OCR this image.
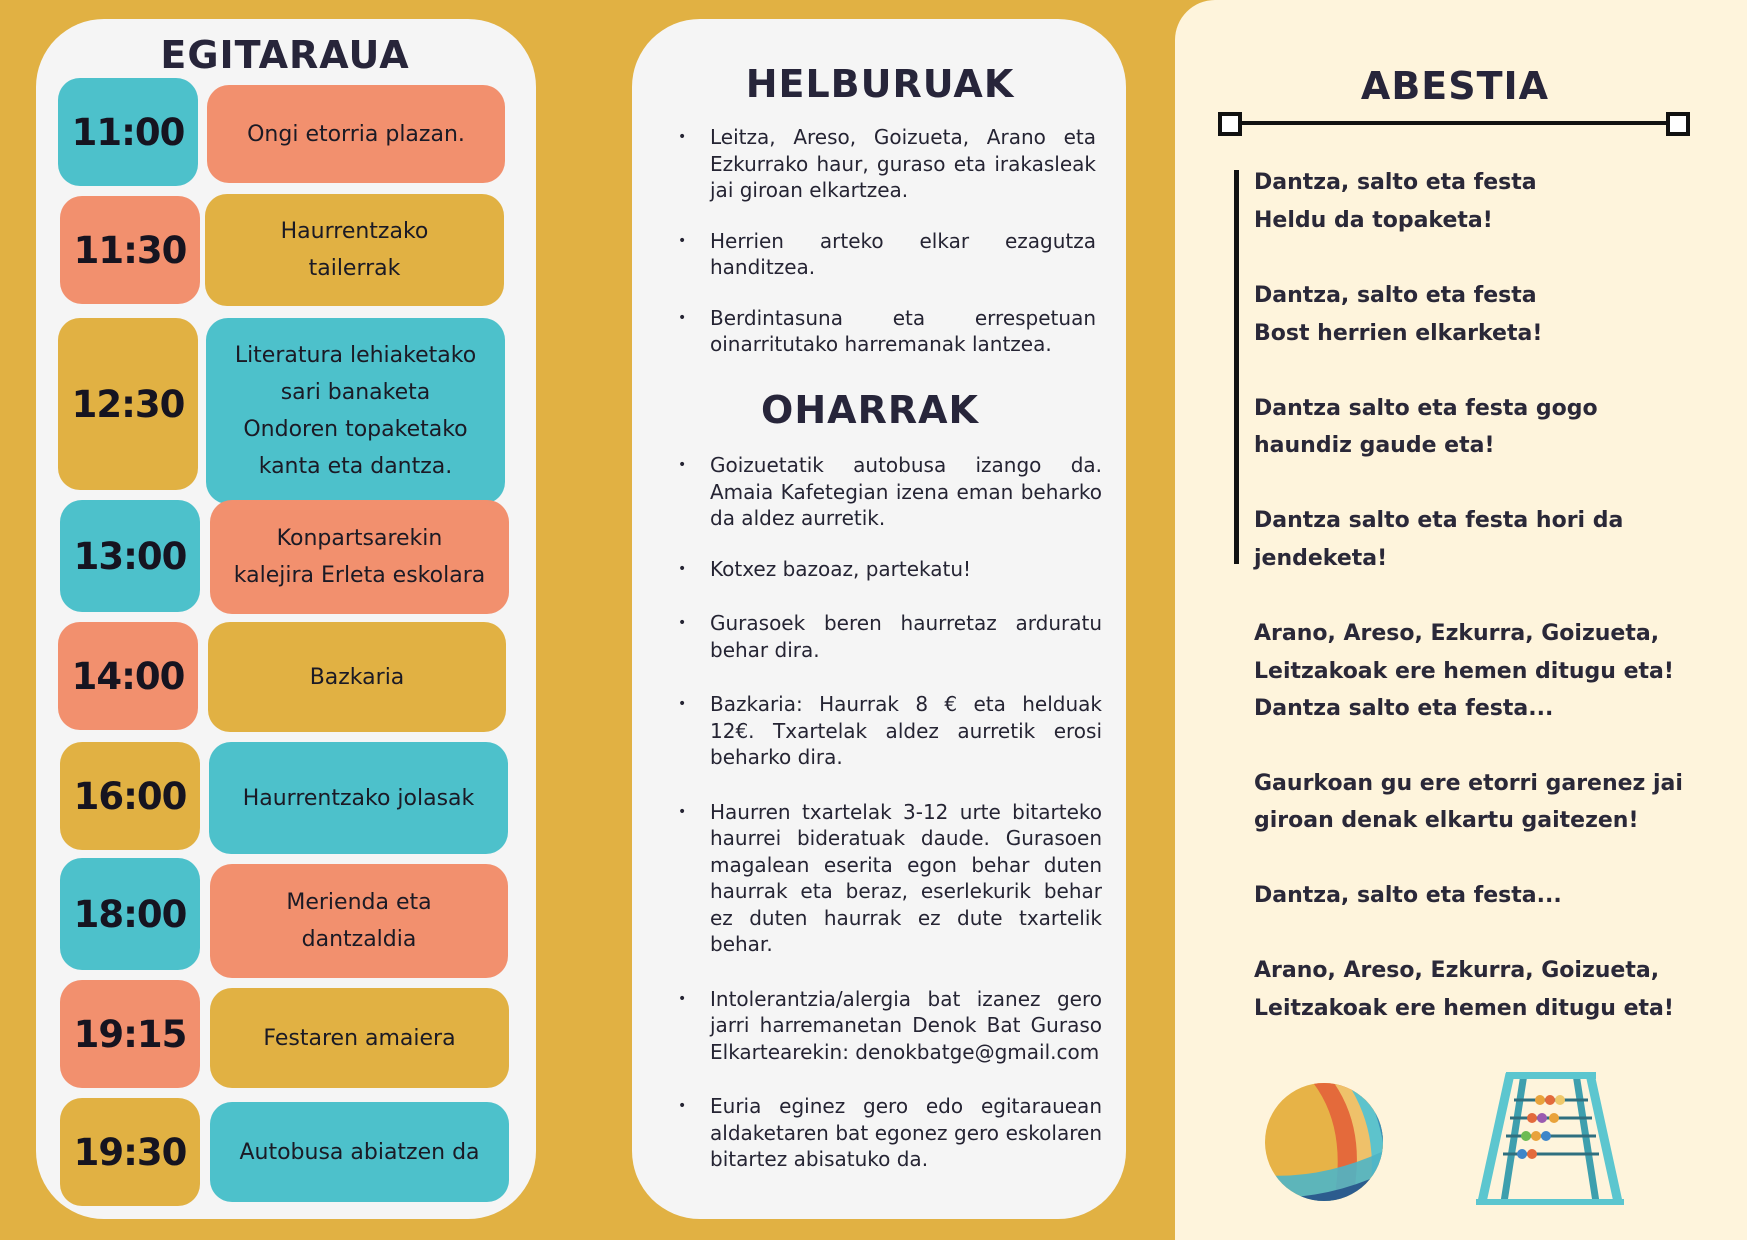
EGITARAUA
11:00	Ongi etorria plazan.
11:30	Haurrentzako
tailerrak
12:30
Literatura lehiaketako
sari banaketa
Ondoren topaketako
kanta eta dantza.
13:00	Konpartsarekin
kalejira Erleta eskolara
14:00	Bazkaria
16:00	Haurrentzako jolasak
18:00	Merienda eta
dantzaldia
19:15	Festaren amaiera
19:30	Autobusa abiatzen da
HELBURUAK
• Leitza, Areso, Goizueta, Arano eta Ezkurrako haur, guraso eta irakasleak jai giroan elkartzea.
• Herrien arteko elkar ezagutza handitzea.
• Berdintasuna eta errespetuan oinarritutako harremanak lantzea.
OHARRAK
• Goizuetatik autobusa izango da. Amaia Kafetegian izena eman beharko da aldez aurretik.
• Kotxez bazoaz, partekatu!
• Gurasoek beren haurretaz arduratu behar dira.
• Bazkaria: Haurrak 8 € eta helduak 12€. Txartelak aldez aurretik erosi beharko dira.
• Haurren txartelak 3-12 urte bitarteko haurrei bideratuak daude. Gurasoen magalean eserita egon behar duten haurrak eta beraz, eserlekurik behar ez duten haurrak ez dute txartelik behar.
• Intolerantzia/alergia bat izanez gero jarri harremanetan Denok Bat Guraso Elkartearekin: denokbatge@gmail.com
• Euria eginez gero edo egitarauean aldaketaren bat egonez gero eskolaren bitartez abisatuko da.
ABESTIA
Dantza, salto eta festa
Heldu da topaketa!
Dantza, salto eta festa
Bost herrien elkarketa!
Dantza salto eta festa gogo
haundiz gaude eta!
Dantza salto eta festa hori da
jendeketa!
Arano, Areso, Ezkurra, Goizueta,
Leitzakoak ere hemen ditugu eta!
Dantza salto eta festa...
Gaurkoan gu ere etorri garenez jai
giroan denak elkartu gaitezen!
Dantza, salto eta festa...
Arano, Areso, Ezkurra, Goizueta,
Leitzakoak ere hemen ditugu eta!
